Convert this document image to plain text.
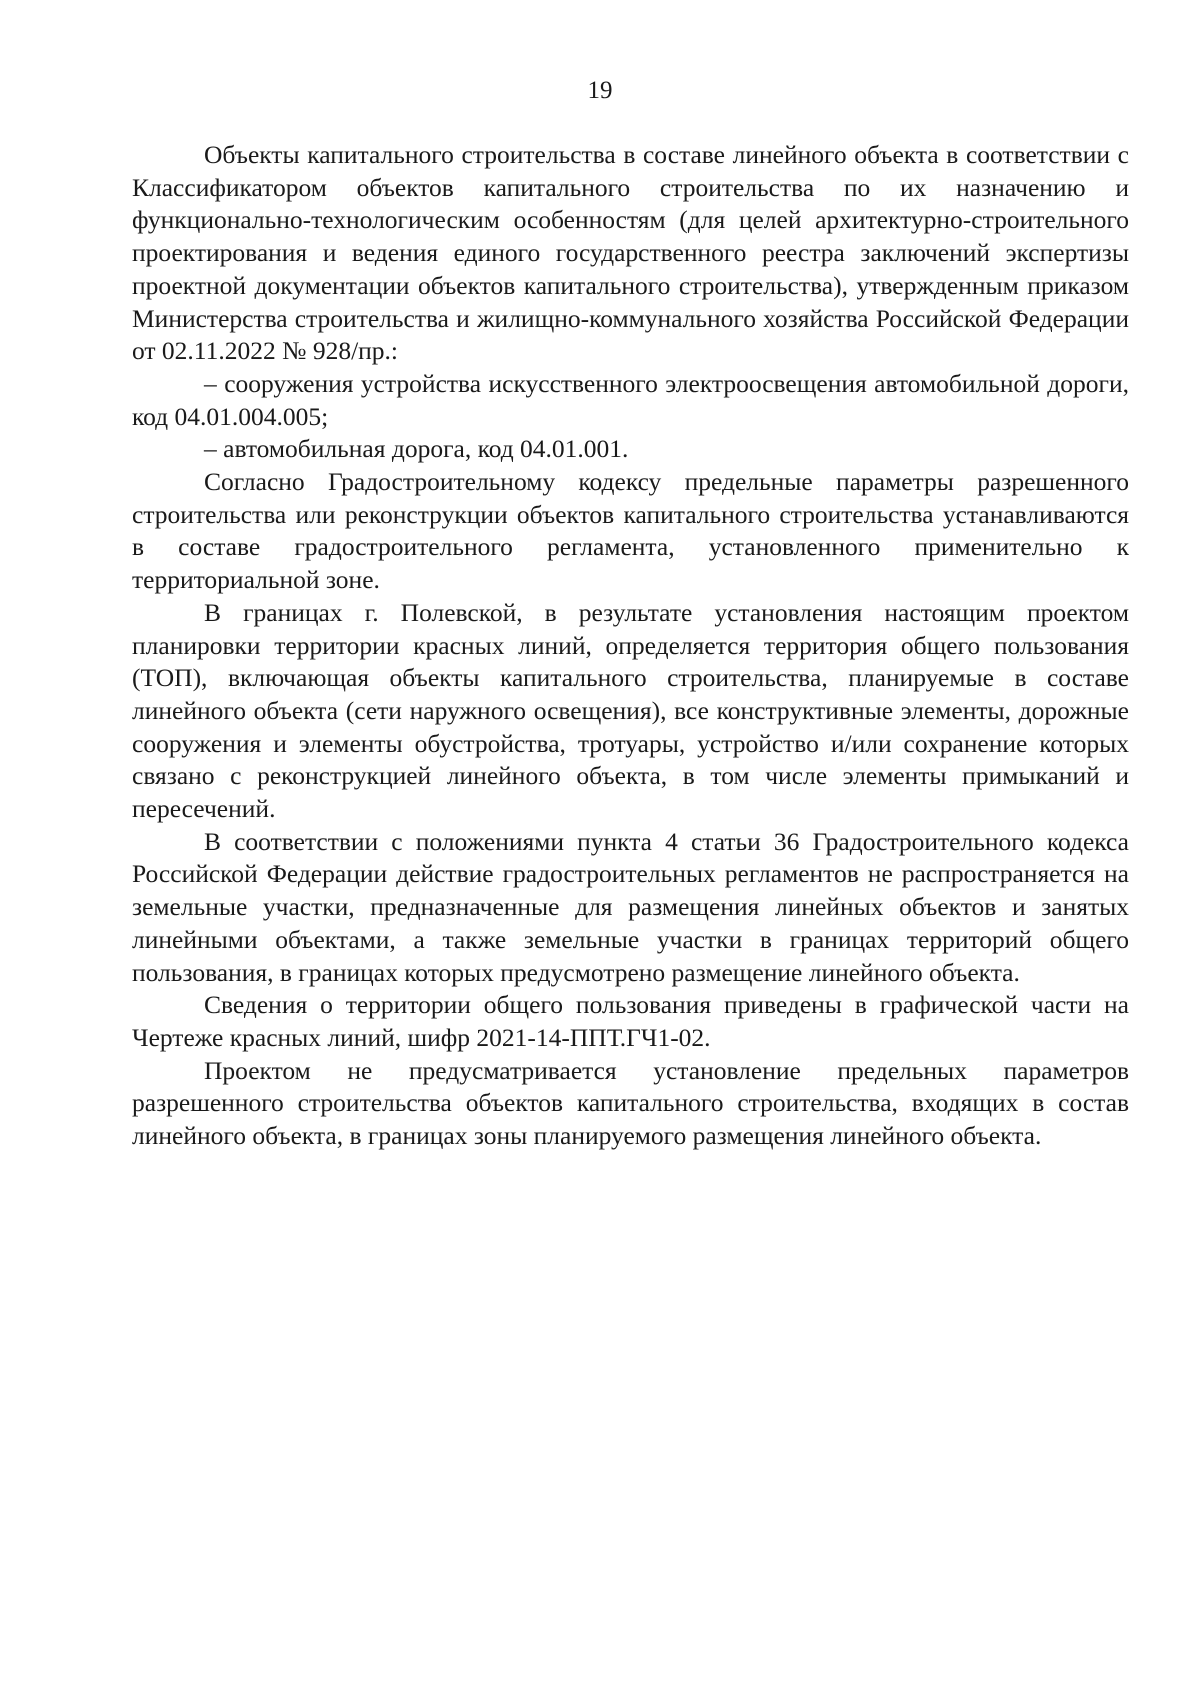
19

Объекты капитального строительства в составе линейного объекта в соответствии с Классификатором объектов капитального строительства по их назначению и функционально-технологическим особенностям (для целей архитектурно-строительного проектирования и ведения единого государственного реестра заключений экспертизы проектной документации объектов капитального строительства), утвержденным приказом Министерства строительства и жилищно-коммунального хозяйства Российской Федерации от 02.11.2022 № 928/пр.:

– сооружения устройства искусственного электроосвещения автомобильной дороги, код 04.01.004.005;

– автомобильная дорога, код 04.01.001.

Согласно Градостроительному кодексу предельные параметры разрешенного строительства или реконструкции объектов капитального строительства устанавливаются в составе градостроительного регламента, установленного применительно к территориальной зоне.

В границах г. Полевской, в результате установления настоящим проектом планировки территории красных линий, определяется территория общего пользования (ТОП), включающая объекты капитального строительства, планируемые в составе линейного объекта (сети наружного освещения), все конструктивные элементы, дорожные сооружения и элементы обустройства, тротуары, устройство и/или сохранение которых связано с реконструкцией линейного объекта, в том числе элементы примыканий и пересечений.

В соответствии с положениями пункта 4 статьи 36 Градостроительного кодекса Российской Федерации действие градостроительных регламентов не распространяется на земельные участки, предназначенные для размещения линейных объектов и занятых линейными объектами, а также земельные участки в границах территорий общего пользования, в границах которых предусмотрено размещение линейного объекта.

Сведения о территории общего пользования приведены в графической части на Чертеже красных линий, шифр 2021-14-ППТ.ГЧ1-02.

Проектом не предусматривается установление предельных параметров разрешенного строительства объектов капитального строительства, входящих в состав линейного объекта, в границах зоны планируемого размещения линейного объекта.
